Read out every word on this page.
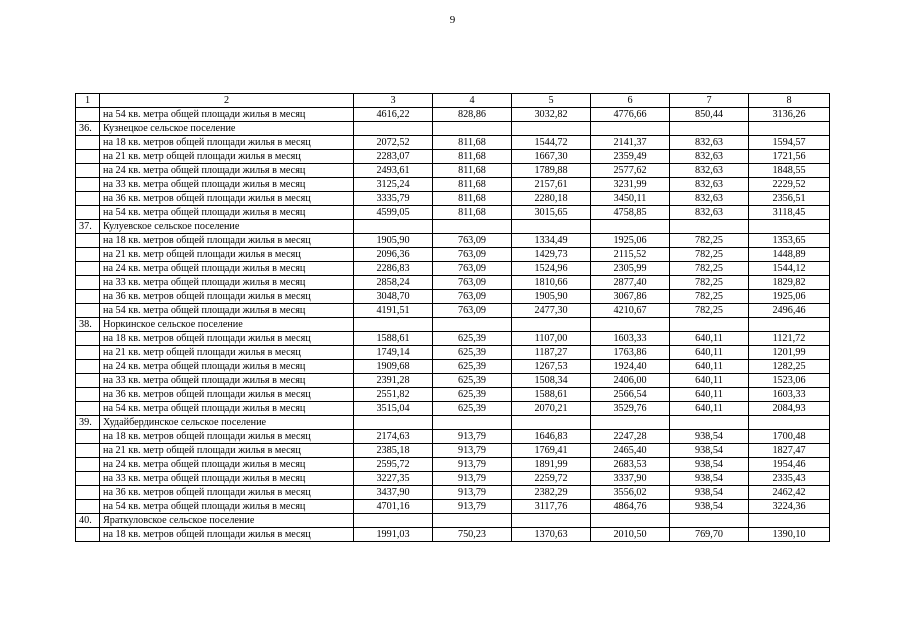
9
1	2	3	4	5	6	7	8
	на 54 кв. метра общей площади жилья в месяц	4616,22	828,86	3032,82	4776,66	850,44	3136,26
36.	Кузнецкое сельское поселение						
	на 18 кв. метров общей площади жилья в месяц	2072,52	811,68	1544,72	2141,37	832,63	1594,57
	на 21 кв. метр общей площади жилья в месяц	2283,07	811,68	1667,30	2359,49	832,63	1721,56
	на 24 кв. метра общей площади жилья в месяц	2493,61	811,68	1789,88	2577,62	832,63	1848,55
	на 33 кв. метра общей площади жилья в месяц	3125,24	811,68	2157,61	3231,99	832,63	2229,52
	на 36 кв. метров общей площади жилья в месяц	3335,79	811,68	2280,18	3450,11	832,63	2356,51
	на 54 кв. метра общей площади жилья в месяц	4599,05	811,68	3015,65	4758,85	832,63	3118,45
37.	Кулуевское сельское поселение						
	на 18 кв. метров общей площади жилья в месяц	1905,90	763,09	1334,49	1925,06	782,25	1353,65
	на 21 кв. метр общей площади жилья в месяц	2096,36	763,09	1429,73	2115,52	782,25	1448,89
	на 24 кв. метра общей площади жилья в месяц	2286,83	763,09	1524,96	2305,99	782,25	1544,12
	на 33 кв. метра общей площади жилья в месяц	2858,24	763,09	1810,66	2877,40	782,25	1829,82
	на 36 кв. метров общей площади жилья в месяц	3048,70	763,09	1905,90	3067,86	782,25	1925,06
	на 54 кв. метра общей площади жилья в месяц	4191,51	763,09	2477,30	4210,67	782,25	2496,46
38.	Норкинское сельское поселение						
	на 18 кв. метров общей площади жилья в месяц	1588,61	625,39	1107,00	1603,33	640,11	1121,72
	на 21 кв. метр общей площади жилья в месяц	1749,14	625,39	1187,27	1763,86	640,11	1201,99
	на 24 кв. метра общей площади жилья в месяц	1909,68	625,39	1267,53	1924,40	640,11	1282,25
	на 33 кв. метра общей площади жилья в месяц	2391,28	625,39	1508,34	2406,00	640,11	1523,06
	на 36 кв. метров общей площади жилья в месяц	2551,82	625,39	1588,61	2566,54	640,11	1603,33
	на 54 кв. метра общей площади жилья в месяц	3515,04	625,39	2070,21	3529,76	640,11	2084,93
39.	Худайбердинское сельское поселение						
	на 18 кв. метров общей площади жилья в месяц	2174,63	913,79	1646,83	2247,28	938,54	1700,48
	на 21 кв. метр общей площади жилья в месяц	2385,18	913,79	1769,41	2465,40	938,54	1827,47
	на 24 кв. метра общей площади жилья в месяц	2595,72	913,79	1891,99	2683,53	938,54	1954,46
	на 33 кв. метра общей площади жилья в месяц	3227,35	913,79	2259,72	3337,90	938,54	2335,43
	на 36 кв. метров общей площади жилья в месяц	3437,90	913,79	2382,29	3556,02	938,54	2462,42
	на 54 кв. метра общей площади жилья в месяц	4701,16	913,79	3117,76	4864,76	938,54	3224,36
40.	Яраткуловское сельское поселение						
	на 18 кв. метров общей площади жилья в месяц	1991,03	750,23	1370,63	2010,50	769,70	1390,10
